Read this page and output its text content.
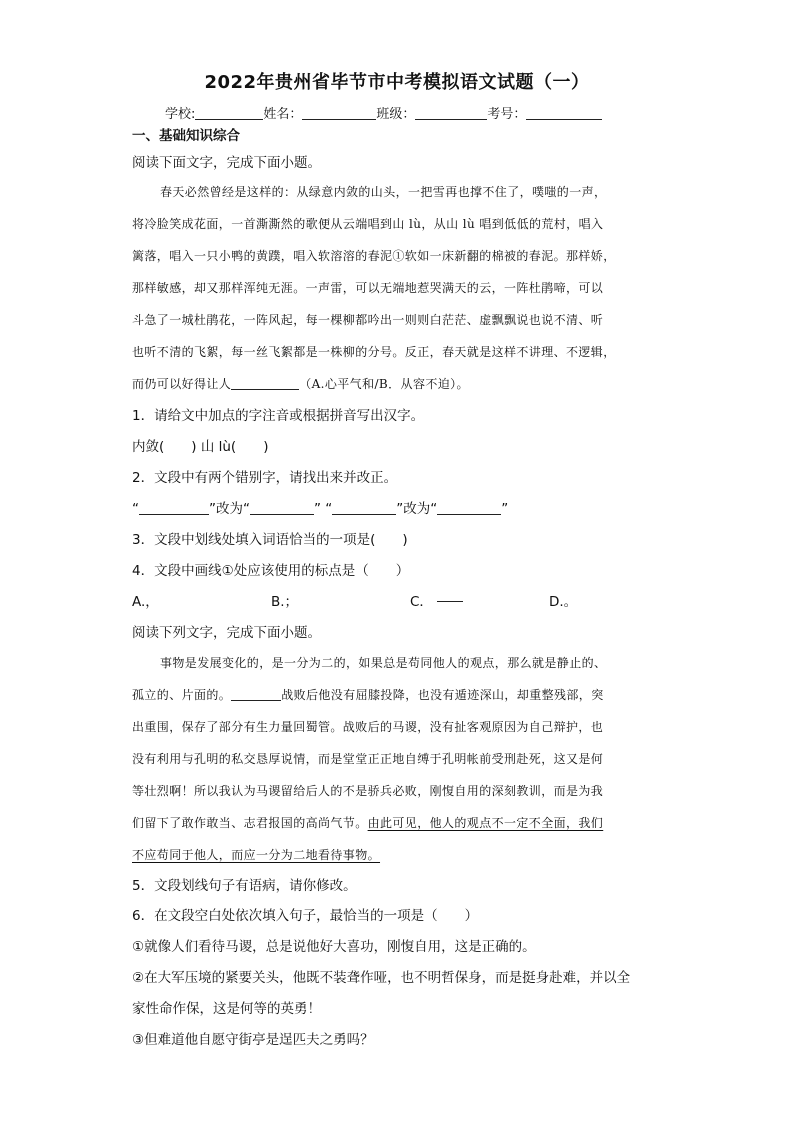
2022年贵州省毕节市中考模拟语文试题（一）
学校:	姓名：	班级：	考号：
一、基础知识综合
阅读下面文字，完成下面小题。
春天必然曾经是这样的：从绿意内敛的山头，一把雪再也撑不住了，噗嗤的一声，
将冷脸笑成花面，一首澌澌然的歌便从云端唱到山 lù，从山 lù 唱到低低的荒村，唱入
篱落，唱入一只小鸭的黄蹼，唱入软溶溶的春泥①软如一床新翻的棉被的春泥。那样娇，
那样敏感，却又那样浑纯无涯。一声雷，可以无端地惹哭满天的云，一阵杜鹃啼，可以
斗急了一城杜鹃花，一阵风起，每一棵柳都吟出一则则白茫茫、虚飘飘说也说不清、听
也听不清的飞絮，每一丝飞絮都是一株柳的分号。反正，春天就是这样不讲理、不逻辑，
而仍可以好得让人	（A.心平气和/B．从容不迫）。
1．请给文中加点的字注音或根据拼音写出汉字。
内敛(　　) 山 lù(　　)
2．文段中有两个错别字，请找出来并改正。
“	”改为“	” “	”改为“	”
3．文段中划线处填入词语恰当的一项是(　　)
4．文段中画线①处应该使用的标点是（　　）
A.，	B.；	C．	D.。
阅读下列文字，完成下面小题。
事物是发展变化的，是一分为二的，如果总是苟同他人的观点，那么就是静止的、
孤立的、片面的。	战败后他没有屈膝投降，也没有遁迹深山，却重整残部，突
出重围，保存了部分有生力量回蜀管。战败后的马谡，没有扯客观原因为自己辩护，也
没有利用与孔明的私交恳厚说情，而是堂堂正正地自缚于孔明帐前受刑赴死，这又是何
等壮烈啊！所以我认为马谡留给后人的不是骄兵必败，刚愎自用的深刻教训，而是为我
们留下了敢作敢当、志君报国的高尚气节。由此可见，他人的观点不一定不全面，我们
不应苟同于他人，而应一分为二地看待事物。
5．文段划线句子有语病，请你修改。
6．在文段空白处依次填入句子，最恰当的一项是（　　）
①就像人们看待马谡，总是说他好大喜功，刚愎自用，这是正确的。
②在大军压境的紧要关头，他既不装聋作哑，也不明哲保身，而是挺身赴难，并以全
家性命作保，这是何等的英勇！
③但难道他自愿守街亭是逞匹夫之勇吗？
